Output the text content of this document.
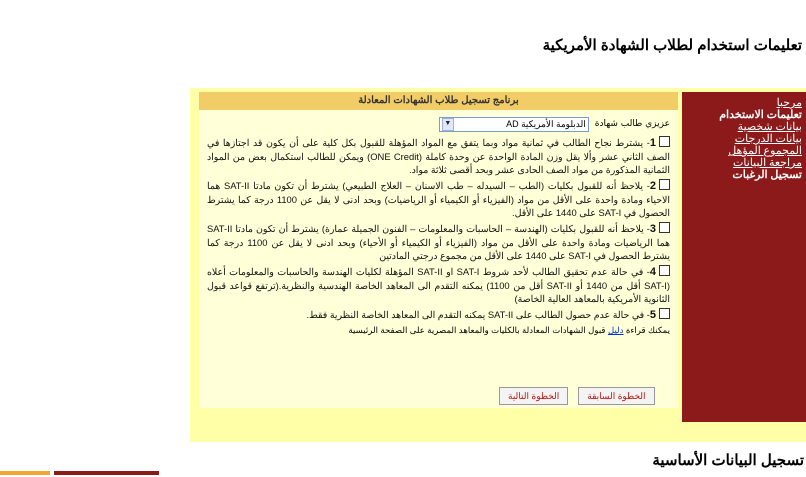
تعليمات استخدام لطلاب الشهادة الأمريكية
مرحبا
تعليمات الاستخدام
بيانات شخصية
بيانات الدرجات
المجموع المؤهل
مراجعة البيانات
تسجيل الرغبات
برنامج تسجيل طلاب الشهادات المعادلة
عزيزي طالب شهادة
الدبلومة الأمريكية AD
▼
1- يشترط نجاح الطالب في ثمانية مواد وبما يتفق مع المواد المؤهلة للقبول بكل كلية على أن يكون قد اجتازها في الصف الثاني عشر وألا يقل وزن المادة الواحدة عن وحدة كاملة (ONE Credit) ويمكن للطالب استكمال بعض من المواد الثمانية المذكورة من مواد الصف الحادى عشر وبحد أقصى ثلاثة مواد.
2- يلاحظ أنه للقبول بكليات (الطب – السيدله – طب الاسنان – العلاج الطبيعي) يشترط أن تكون مادتا SAT-II هما الاحياء ومادة واحدة على الأقل من مواد (الفيزياء أو الكيمياء أو الرياضيات) وبحد ادنى لا يقل عن 1100 درجة كما يشترط الحصول في SAT-I على 1440 على الأقل.
3- يلاحظ أنه للقبول بكليات (الهندسة – الحاسبات والمعلومات – الفنون الجميلة عمارة) يشترط أن تكون مادتا SAT-II هما الرياضيات ومادة واحدة على الأقل من مواد (الفيزياء أو الكيمياء أو الأحياء) وبحد ادنى لا يقل عن 1100 درجة كما يشترط الحصول في SAT-I على 1440 على الأقل من مجموع درجتي المادتين
4- في حالة عدم تحقيق الطالب لأحد شروط SAT-I او SAT-II المؤهلة لكليات الهندسة والحاسبات والمعلومات أعلاه (SAT-I أقل من 1440 أو SAT-II أقل من 1100) يمكنه التقدم الى المعاهد الخاصة الهندسية والنظرية.(ترتفع قواعد قبول الثانوية الأمريكية بالمعاهد العالية الخاصة)
5- في حالة عدم حصول الطالب على SAT-II يمكنه التقدم الى المعاهد الخاصة النظرية فقط.
يمكنك قراءة دليل قبول الشهادات المعادلة بالكليات والمعاهد المصرية على الصفحة الرئيسية
الخطوة السابقة
الخطوة التالية
تسجيل البيانات الأساسية
